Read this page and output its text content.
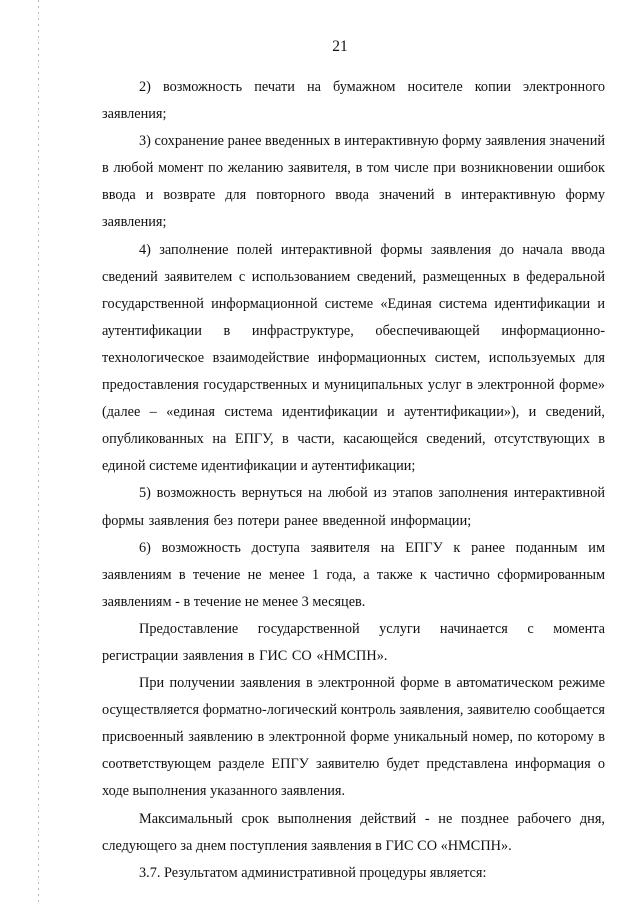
21

2) возможность печати на бумажном носителе копии электронного заявления;

3) сохранение ранее введенных в интерактивную форму заявления значений в любой момент по желанию заявителя, в том числе при возникновении ошибок ввода и возврате для повторного ввода значений в интерактивную форму заявления;

4) заполнение полей интерактивной формы заявления до начала ввода сведений заявителем с использованием сведений, размещенных в федеральной государственной информационной системе «Единая система идентификации и аутентификации в инфраструктуре, обеспечивающей информационно-технологическое взаимодействие информационных систем, используемых для предоставления государственных и муниципальных услуг в электронной форме» (далее – «единая система идентификации и аутентификации»), и сведений, опубликованных на ЕПГУ, в части, касающейся сведений, отсутствующих в единой системе идентификации и аутентификации;

5) возможность вернуться на любой из этапов заполнения интерактивной формы заявления без потери ранее введенной информации;

6) возможность доступа заявителя на ЕПГУ к ранее поданным им заявлениям в течение не менее 1 года, а также к частично сформированным заявлениям - в течение не менее 3 месяцев.

Предоставление государственной услуги начинается с момента регистрации заявления в ГИС СО «НМСПН».

При получении заявления в электронной форме в автоматическом режиме осуществляется форматно-логический контроль заявления, заявителю сообщается присвоенный заявлению в электронной форме уникальный номер, по которому в соответствующем разделе ЕПГУ заявителю будет представлена информация о ходе выполнения указанного заявления.

Максимальный срок выполнения действий - не позднее рабочего дня, следующего за днем поступления заявления в ГИС СО «НМСПН».

3.7. Результатом административной процедуры является:
